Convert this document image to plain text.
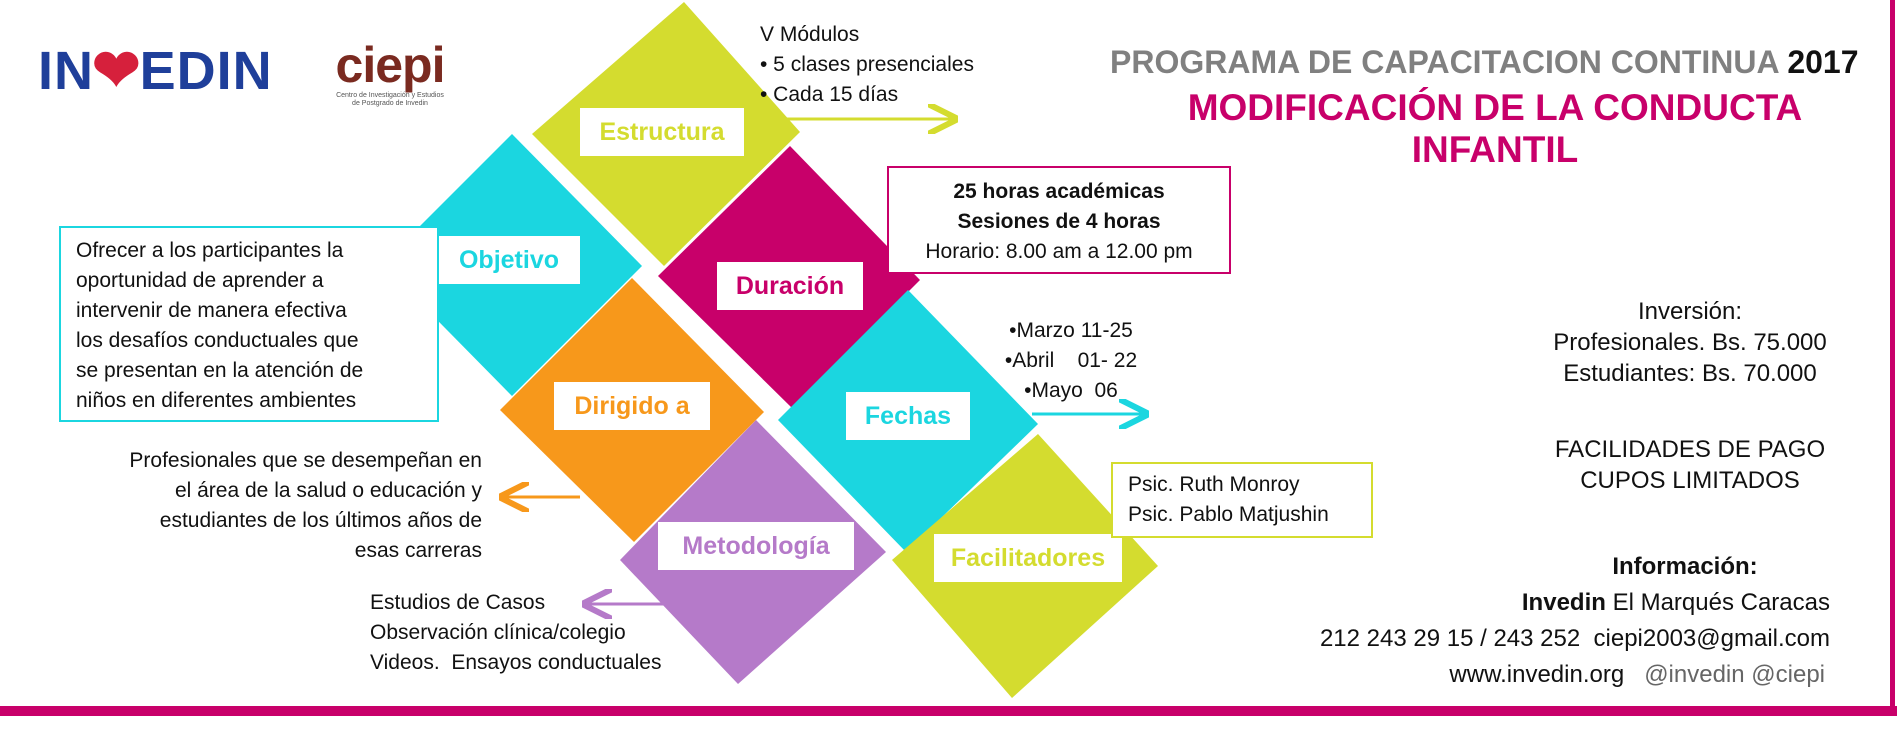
IN
❤
EDIN	ciepi
Centro de Investigación y Estudios
de Postgrado de Invedin
Estructura
Objetivo
Duración
Dirigido a	Fechas
Metodología	Facilitadores
V Módulos
• 5 clases presenciales
• Cada 15 días
25 horas académicas
Sesiones de 4 horas
Horario: 8.00 am a 12.00 pm
Ofrecer a los participantes la
oportunidad de aprender a
intervenir de manera efectiva
los desafíos conductuales que
se presentan en la atención de
niños en diferentes ambientes
•Marzo 11-25
•Abril    01- 22
•Mayo  06
Profesionales que se desempeñan en
el área de la salud o educación y
estudiantes de los últimos años de
esas carreras
Psic. Ruth Monroy
Psic. Pablo Matjushin
Estudios de Casos
Observación clínica/colegio
Videos.  Ensayos conductuales
PROGRAMA DE CAPACITACION CONTINUA 2017
MODIFICACIÓN DE LA CONDUCTA
INFANTIL
Inversión:
Profesionales. Bs. 75.000
Estudiantes: Bs. 70.000
FACILIDADES DE PAGO
CUPOS LIMITADOS
Información:
Invedin El Marqués Caracas
212 243 29 15 / 243 252  ciepi2003@gmail.com
www.invedin.org @invedin @ciepi
